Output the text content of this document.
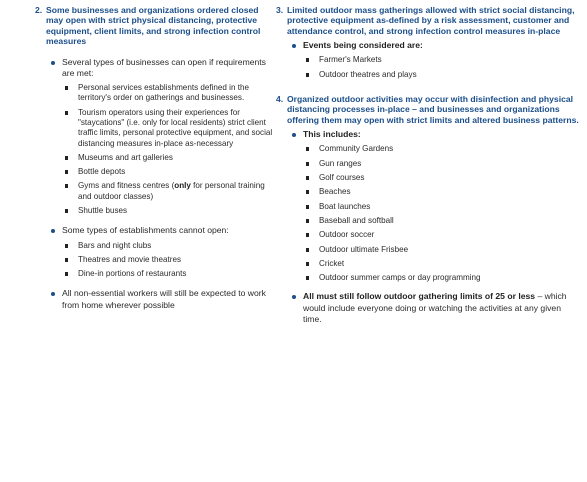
2. Some businesses and organizations ordered closed may open with strict physical distancing, protective equipment, client limits, and strong infection control measures
Several types of businesses can open if requirements are met:
Personal services establishments defined in the territory's order on gatherings and businesses.
Tourism operators using their experiences for "staycations" (i.e. only for local residents) strict client traffic limits, personal protective equipment, and social distancing measures in-place as-necessary
Museums and art galleries
Bottle depots
Gyms and fitness centres (only for personal training and outdoor classes)
Shuttle buses
Some types of establishments cannot open:
Bars and night clubs
Theatres and movie theatres
Dine-in portions of restaurants
All non-essential workers will still be expected to work from home wherever possible
3. Limited outdoor mass gatherings allowed with strict social distancing, protective equipment as-defined by a risk assessment, customer and attendance control, and strong infection control measures in-place
Events being considered are:
Farmer's Markets
Outdoor theatres and plays
4. Organized outdoor activities may occur with disinfection and physical distancing processes in-place – and businesses and organizations offering them may open with strict limits and altered business patterns.
This includes:
Community Gardens
Gun ranges
Golf courses
Beaches
Boat launches
Baseball and softball
Outdoor soccer
Outdoor ultimate Frisbee
Cricket
Outdoor summer camps or day programming
All must still follow outdoor gathering limits of 25 or less – which would include everyone doing or watching the activities at any given time.
